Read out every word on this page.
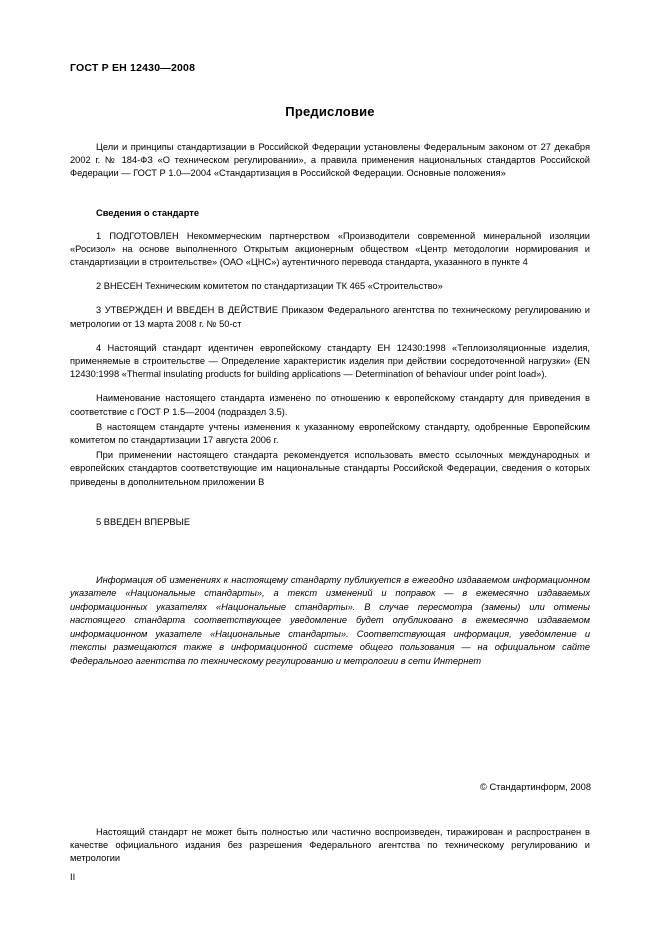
ГОСТ Р ЕН 12430—2008
Предисловие

Цели и принципы стандартизации в Российской Федерации установлены Федеральным законом от 27 декабря 2002 г. № 184-ФЗ «О техническом регулировании», а правила применения национальных стандартов Российской Федерации — ГОСТ Р 1.0—2004 «Стандартизация в Российской Федерации. Основные положения»

Сведения о стандарте

1 ПОДГОТОВЛЕН Некоммерческим партнерством «Производители современной минеральной изоляции «Росизол» на основе выполненного Открытым акционерным обществом «Центр методологии нормирования и стандартизации в строительстве» (ОАО «ЦНС») аутентичного перевода стандарта, указанного в пункте 4

2 ВНЕСЕН Техническим комитетом по стандартизации ТК 465 «Строительство»

3 УТВЕРЖДЕН И ВВЕДЕН В ДЕЙСТВИЕ Приказом Федерального агентства по техническому регулированию и метрологии от 13 марта 2008 г. № 50-ст

4 Настоящий стандарт идентичен европейскому стандарту ЕН 12430:1998 «Теплоизоляционные изделия, применяемые в строительстве — Определение характеристик изделия при действии сосредоточенной нагрузки» (EN 12430:1998 «Thermal insulating products for building applications — Determination of behaviour under point load»).

Наименование настоящего стандарта изменено по отношению к европейскому стандарту для приведения в соответствие с ГОСТ Р 1.5—2004 (подраздел 3.5).

В настоящем стандарте учтены изменения к указанному европейскому стандарту, одобренные Европейским комитетом по стандартизации 17 августа 2006 г.

При применении настоящего стандарта рекомендуется использовать вместо ссылочных международных и европейских стандартов соответствующие им национальные стандарты Российской Федерации, сведения о которых приведены в дополнительном приложении В

5 ВВЕДЕН ВПЕРВЫЕ

Информация об изменениях к настоящему стандарту публикуется в ежегодно издаваемом информационном указателе «Национальные стандарты», а текст изменений и поправок — в ежемесячно издаваемых информационных указателях «Национальные стандарты». В случае пересмотра (замены) или отмены настоящего стандарта соответствующее уведомление будет опубликовано в ежемесячно издаваемом информационном указателе «Национальные стандарты». Соответствующая информация, уведомление и тексты размещаются также в информационной системе общего пользования — на официальном сайте Федерального агентства по техническому регулированию и метрологии в сети Интернет

© Стандартинформ, 2008
Настоящий стандарт не может быть полностью или частично воспроизведен, тиражирован и распространен в качестве официального издания без разрешения Федерального агентства по техническому регулированию и метрологии
II
